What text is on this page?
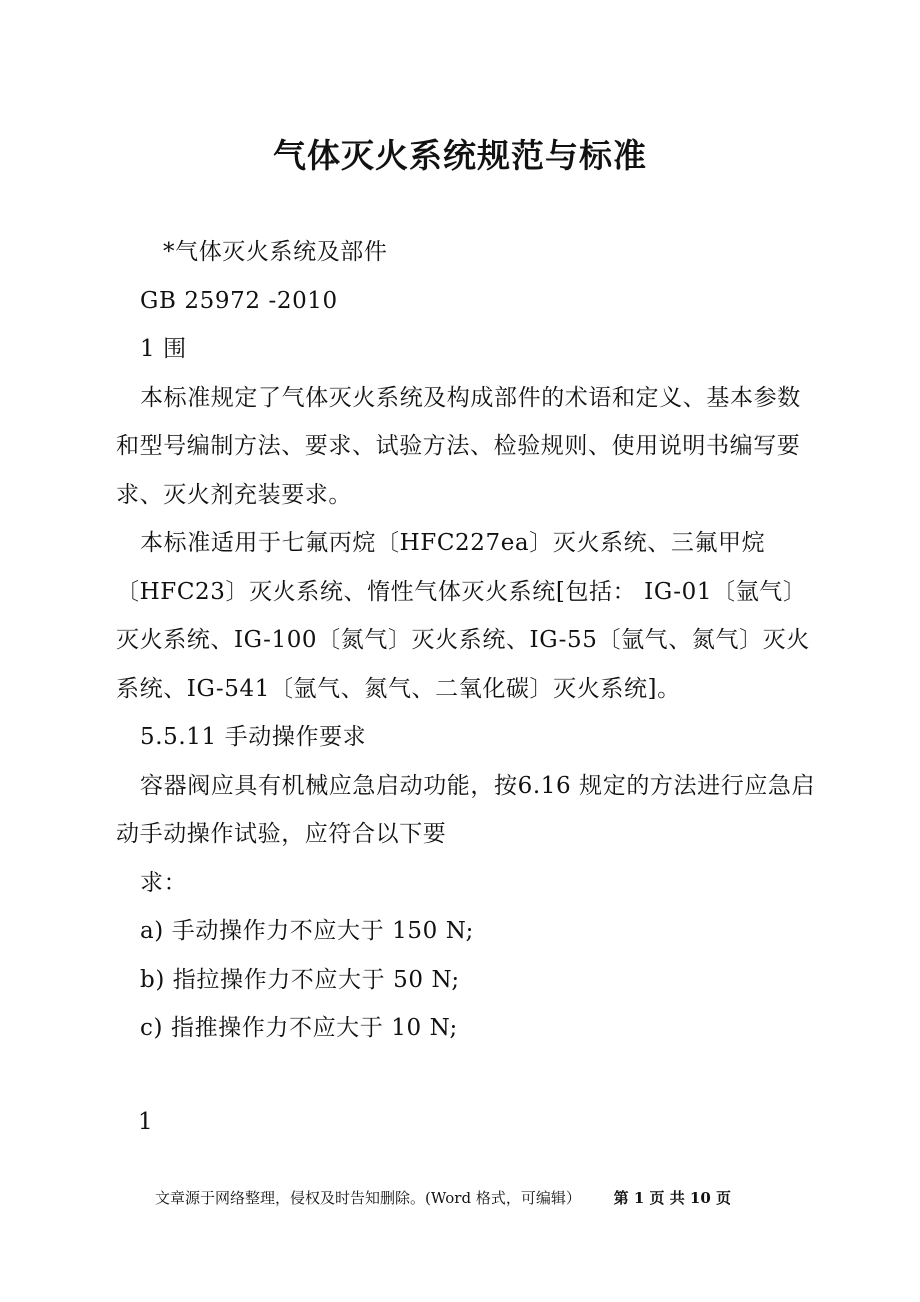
气体灭火系统规范与标准

*气体灭火系统及部件

GB 25972 -2010

1 围

本标准规定了气体灭火系统及构成部件的术语和定义、基本参数和型号编制方法、要求、试验方法、检验规则、使用说明书编写要求、灭火剂充装要求。

本标准适用于七氟丙烷〔HFC227ea〕灭火系统、三氟甲烷〔HFC23〕灭火系统、惰性气体灭火系统[包括： IG-01〔氩气〕灭火系统、IG-100〔氮气〕灭火系统、IG-55〔氩气、氮气〕灭火系统、IG-541〔氩气、氮气、二氧化碳〕灭火系统]。

5.5.11 手动操作要求

容器阀应具有机械应急启动功能，按6.16 规定的方法进行应急启动手动操作试验，应符合以下要

求：

a) 手动操作力不应大于 150 N;

b) 指拉操作力不应大于 50 N;

c) 指推操作力不应大于 10 N;

1
文章源于网络整理，侵权及时告知删除。(Word 格式，可编辑） 第 1 页 共 10 页
